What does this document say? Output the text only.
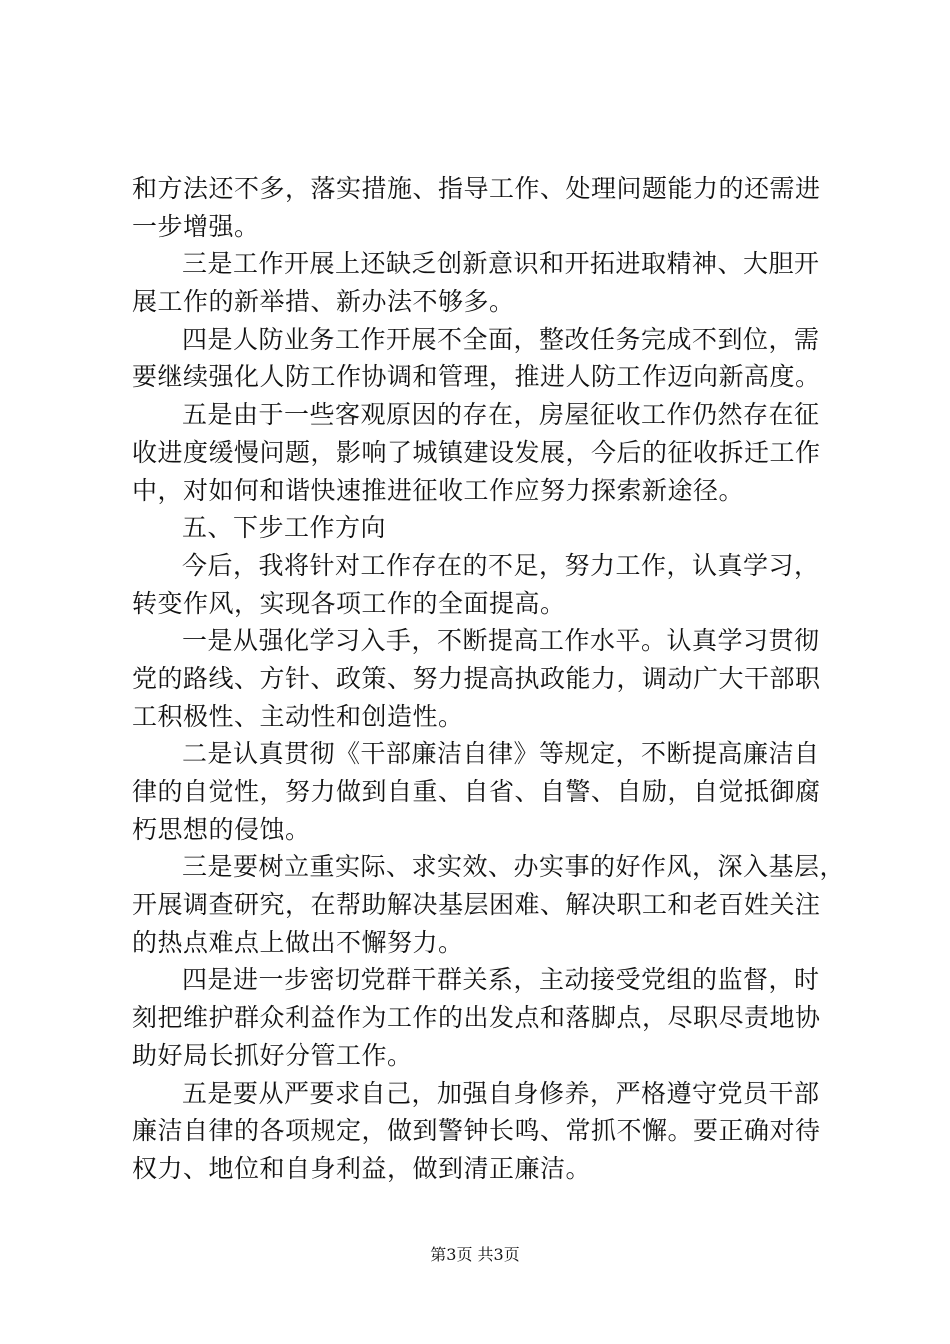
和方法还不多，落实措施、指导工作、处理问题能力的还需进
一步增强。
三是工作开展上还缺乏创新意识和开拓进取精神、大胆开
展工作的新举措、新办法不够多。
四是人防业务工作开展不全面，整改任务完成不到位，需
要继续强化人防工作协调和管理，推进人防工作迈向新高度。
五是由于一些客观原因的存在，房屋征收工作仍然存在征
收进度缓慢问题，影响了城镇建设发展，今后的征收拆迁工作
中，对如何和谐快速推进征收工作应努力探索新途径。
五、下步工作方向
今后，我将针对工作存在的不足，努力工作，认真学习，
转变作风，实现各项工作的全面提高。
一是从强化学习入手，不断提高工作水平。认真学习贯彻
党的路线、方针、政策、努力提高执政能力，调动广大干部职
工积极性、主动性和创造性。
二是认真贯彻《干部廉洁自律》等规定，不断提高廉洁自
律的自觉性，努力做到自重、自省、自警、自励，自觉抵御腐
朽思想的侵蚀。
三是要树立重实际、求实效、办实事的好作风，深入基层，
开展调查研究，在帮助解决基层困难、解决职工和老百姓关注
的热点难点上做出不懈努力。
四是进一步密切党群干群关系，主动接受党组的监督，时
刻把维护群众利益作为工作的出发点和落脚点，尽职尽责地协
助好局长抓好分管工作。
五是要从严要求自己，加强自身修养，严格遵守党员干部
廉洁自律的各项规定，做到警钟长鸣、常抓不懈。要正确对待
权力、地位和自身利益，做到清正廉洁。
第3页 共3页
